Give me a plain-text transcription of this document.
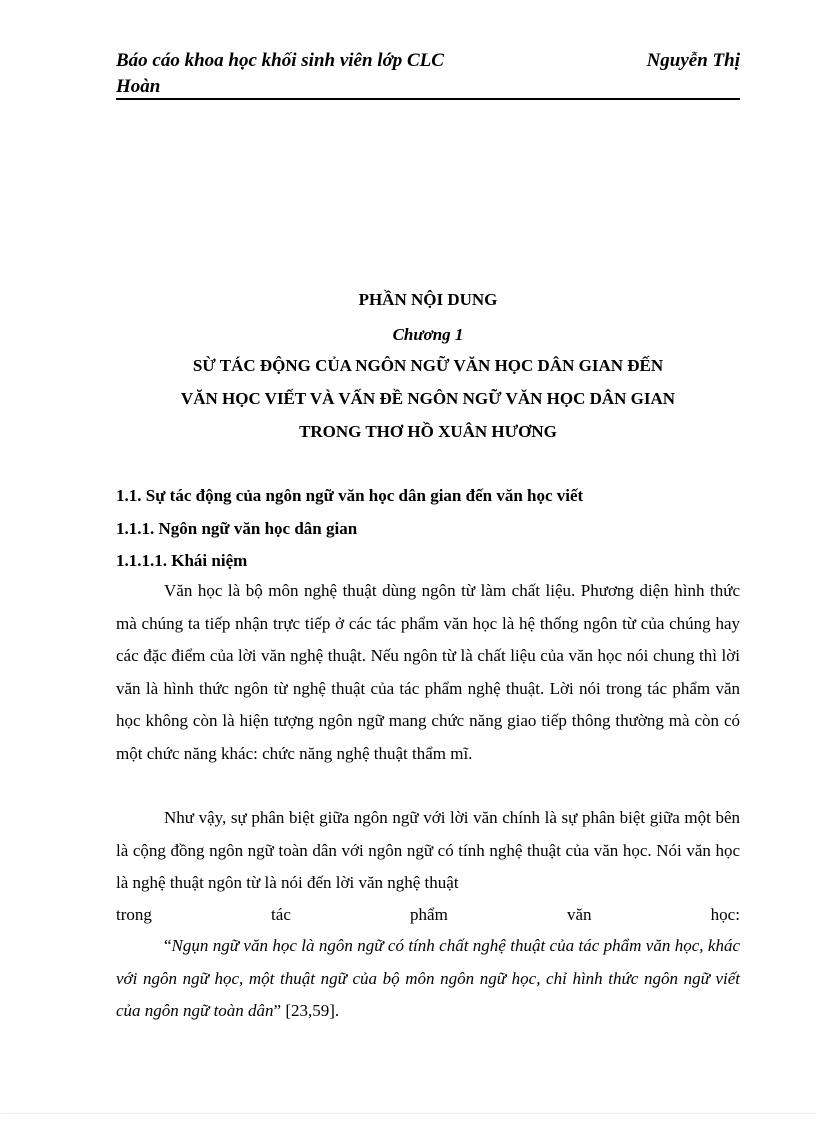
Báo cáo khoa học khối sinh viên lớp CLC
Hoàn
Nguyễn Thị
PHẦN NỘI DUNG
Chương 1
SỪ TÁC ĐỘNG CỦA NGÔN NGỮ VĂN HỌC DÂN GIAN ĐẾN
VĂN HỌC VIẾT VÀ VẤN ĐỀ NGÔN NGỮ VĂN HỌC DÂN GIAN
TRONG THƠ HỒ XUÂN HƯƠNG
1.1. Sự tác động của ngôn ngữ văn học dân gian đến văn học viết
1.1.1. Ngôn ngữ văn học dân gian
1.1.1.1. Khái niệm
Văn học là bộ môn nghệ thuật dùng ngôn từ làm chất liệu. Phương diện hình thức mà chúng ta tiếp nhận trực tiếp ở các tác phẩm văn học là hệ thống ngôn từ của chúng hay các đặc điểm của lời văn nghệ thuật. Nếu ngôn từ là chất liệu của văn học nói chung thì lời văn là hình thức ngôn từ nghệ thuật của tác phẩm nghệ thuật. Lời nói trong tác phẩm văn học không còn là hiện tượng ngôn ngữ mang chức năng giao tiếp thông thường mà còn có một chức năng khác: chức năng nghệ thuật thẩm mĩ.
Như vậy, sự phân biệt giữa ngôn ngữ với lời văn chính là sự phân biệt giữa một bên là cộng đồng ngôn ngữ toàn dân với ngôn ngữ có tính nghệ thuật của văn học. Nói văn học là nghệ thuật ngôn từ là nói đến lời văn nghệ thuật
trong	tác	phẩm	văn	học:
“Ngụn ngữ văn học là ngôn ngữ có tính chất nghệ thuật của tác phẩm văn học, khác với ngôn ngữ học, một thuật ngữ của bộ môn ngôn ngữ học, chỉ hình thức ngôn ngữ viết của ngôn ngữ toàn dân” [23,59].
